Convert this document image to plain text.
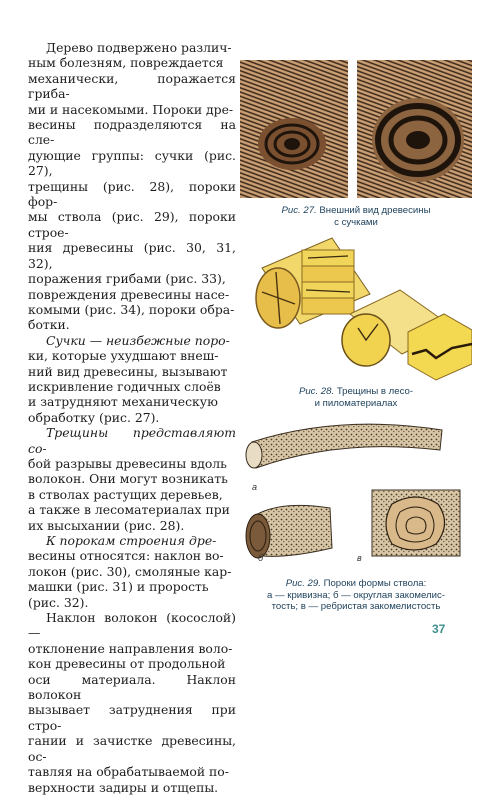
Дерево подвержено различ-
ным болезням, повреждается
механически, поражается гриба-
ми и насекомыми. Пороки дре-
весины подразделяются на сле-
дующие группы: сучки (рис. 27),
трещины (рис. 28), пороки фор-
мы ствола (рис. 29), пороки строе-
ния древесины (рис. 30, 31, 32),
поражения грибами (рис. 33),
повреждения древесины насе-
комыми (рис. 34), пороки обра-
ботки.

Сучки — неизбежные поро-
ки, которые ухудшают внеш-
ний вид древесины, вызывают
искривление годичных слоёв
и затрудняют механическую
обработку (рис. 27).

Трещины представляют со-
бой разрывы древесины вдоль
волокон. Они могут возникать
в стволах растущих деревьев,
а также в лесоматериалах при
их высыхании (рис. 28).

К порокам строения дре-
весины относятся: наклон во-
локон (рис. 30), смоляные кар-
машки (рис. 31) и прорость
(рис. 32).

Наклон волокон (косослой) —
отклонение направления воло-
кон древесины от продольной
оси материала. Наклон волокон
вызывает затруднения при стро-
гании и зачистке древесины, ос-
тавляя на обрабатываемой по-
верхности задиры и отщепы.

Рис. 27. Внешний вид древесины
с сучками
Рис. 28. Трещины в лесо-
и пиломатериалах
а
б	в
Рис. 29. Пороки формы ствола:
а — кривизна; б — округлая закомелис-
тость; в — ребристая закомелистость
37
